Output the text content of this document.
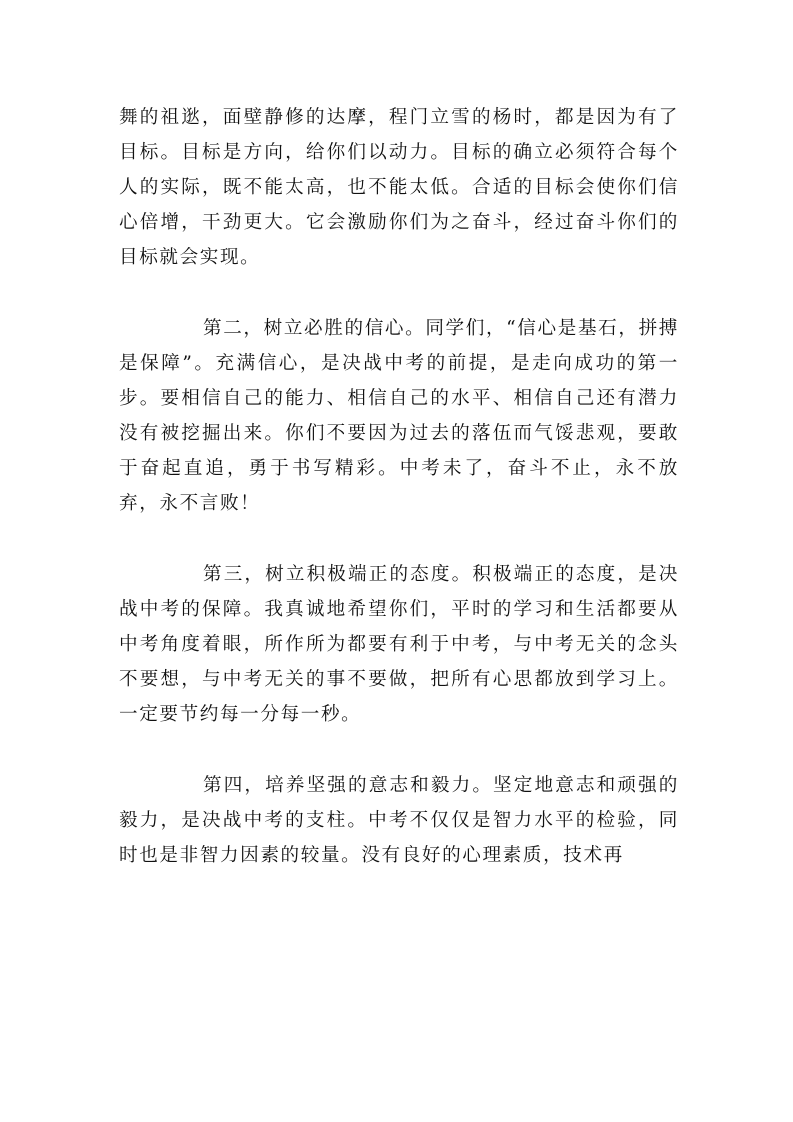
舞的祖逖，面壁静修的达摩，程门立雪的杨时，都是因为有了目标。目标是方向，给你们以动力。目标的确立必须符合每个人的实际，既不能太高，也不能太低。合适的目标会使你们信心倍增，干劲更大。它会激励你们为之奋斗，经过奋斗你们的目标就会实现。

第二，树立必胜的信心。同学们，“信心是基石，拼搏是保障”。充满信心，是决战中考的前提，是走向成功的第一步。要相信自己的能力、相信自己的水平、相信自己还有潜力没有被挖掘出来。你们不要因为过去的落伍而气馁悲观，要敢于奋起直追，勇于书写精彩。中考未了，奋斗不止，永不放弃，永不言败！

第三，树立积极端正的态度。积极端正的态度，是决战中考的保障。我真诚地希望你们，平时的学习和生活都要从中考角度着眼，所作所为都要有利于中考，与中考无关的念头不要想，与中考无关的事不要做，把所有心思都放到学习上。一定要节约每一分每一秒。

第四，培养坚强的意志和毅力。坚定地意志和顽强的毅力，是决战中考的支柱。中考不仅仅是智力水平的检验，同时也是非智力因素的较量。没有良好的心理素质，技术再
